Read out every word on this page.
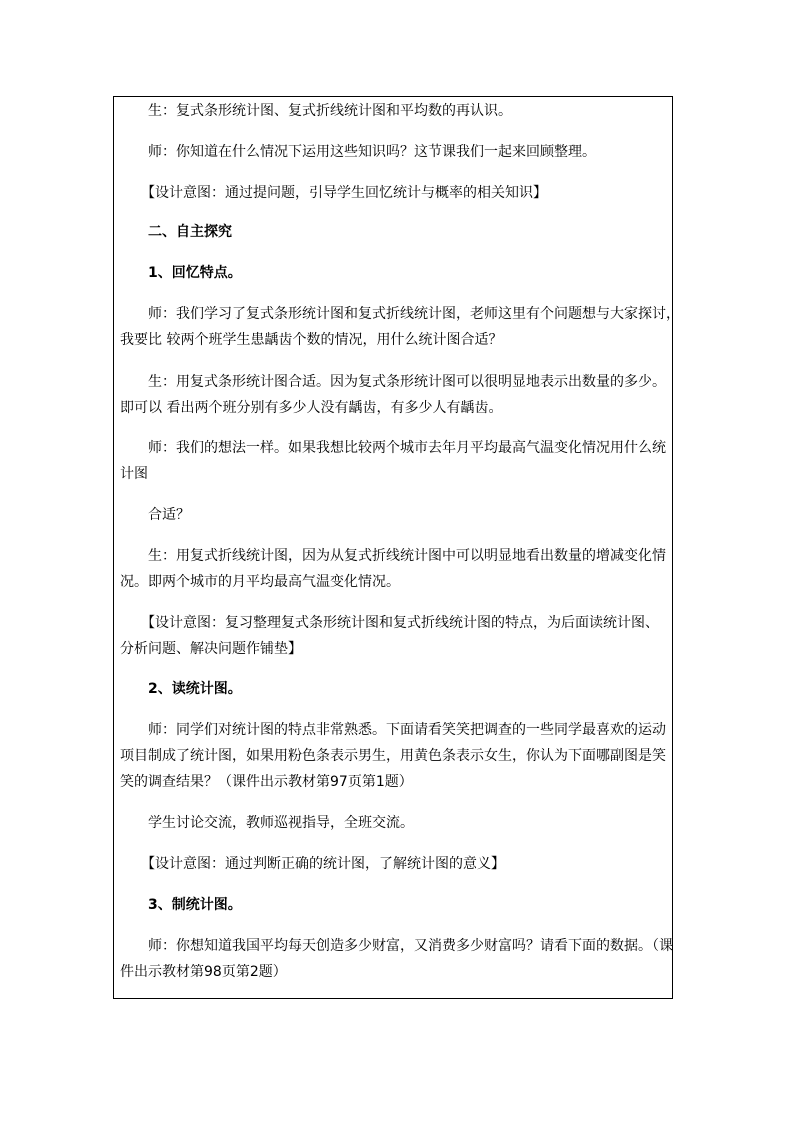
　　生：复式条形统计图、复式折线统计图和平均数的再认识。

　　师：你知道在什么情况下运用这些知识吗？这节课我们一起来回顾整理。

　　【设计意图：通过提问题，引导学生回忆统计与概率的相关知识】

　　二、自主探究

　　1、回忆特点。

　　师：我们学习了复式条形统计图和复式折线统计图，老师这里有个问题想与大家探讨，

我要比 较两个班学生患龋齿个数的情况，用什么统计图合适？

　　生：用复式条形统计图合适。因为复式条形统计图可以很明显地表示出数量的多少。

即可以 看出两个班分别有多少人没有龋齿，有多少人有龋齿。

　　师：我们的想法一样。如果我想比较两个城市去年月平均最高气温变化情况用什么统

计图

　　合适？

　　生：用复式折线统计图，因为从复式折线统计图中可以明显地看出数量的增减变化情

况。即两个城市的月平均最高气温变化情况。

　　【设计意图：复习整理复式条形统计图和复式折线统计图的特点，为后面读统计图、

分析问题、解决问题作铺垫】

　　2、读统计图。

　　师：同学们对统计图的特点非常熟悉。下面请看笑笑把调查的一些同学最喜欢的运动

项目制成了统计图，如果用粉色条表示男生，用黄色条表示女生，你认为下面哪副图是笑

笑的调查结果？（课件出示教材第97页第1题）

　　学生讨论交流，教师巡视指导，全班交流。

　　【设计意图：通过判断正确的统计图，了解统计图的意义】

　　3、制统计图。

　　师：你想知道我国平均每天创造多少财富，又消费多少财富吗？请看下面的数据。（课

件出示教材第98页第2题）
